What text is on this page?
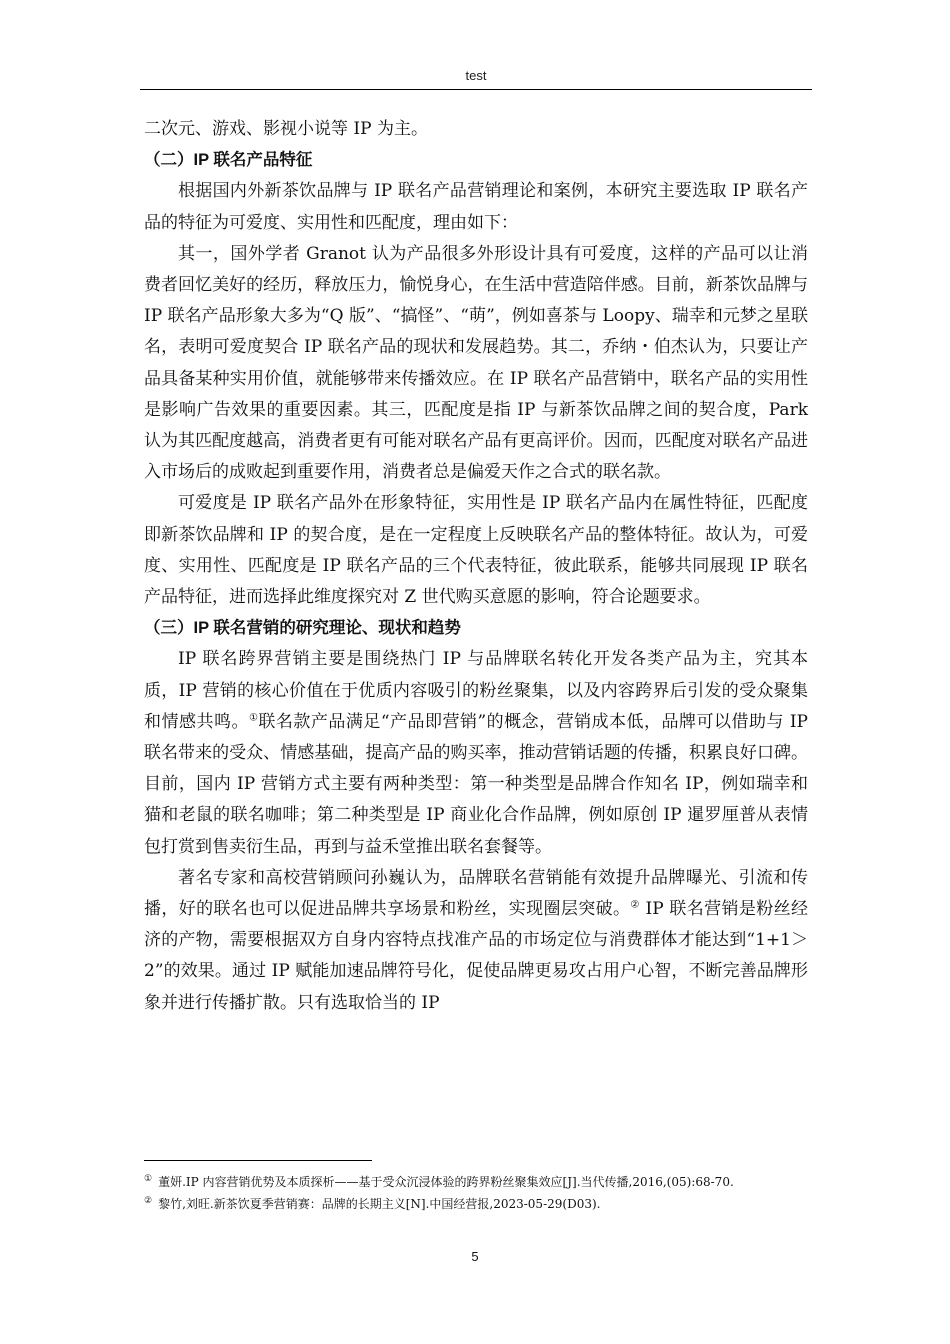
test

二次元、游戏、影视小说等 IP 为主。

（二）IP 联名产品特征

根据国内外新茶饮品牌与 IP 联名产品营销理论和案例，本研究主要选取 IP 联名产品的特征为可爱度、实用性和匹配度，理由如下：

其一，国外学者 Granot 认为产品很多外形设计具有可爱度，这样的产品可以让消费者回忆美好的经历，释放压力，愉悦身心，在生活中营造陪伴感。目前，新茶饮品牌与 IP 联名产品形象大多为“Q 版”、“搞怪”、“萌”，例如喜茶与 Loopy、瑞幸和元梦之星联名，表明可爱度契合 IP 联名产品的现状和发展趋势。其二，乔纳・伯杰认为，只要让产品具备某种实用价值，就能够带来传播效应。在 IP 联名产品营销中，联名产品的实用性是影响广告效果的重要因素。其三，匹配度是指 IP 与新茶饮品牌之间的契合度，Park 认为其匹配度越高，消费者更有可能对联名产品有更高评价。因而，匹配度对联名产品进入市场后的成败起到重要作用，消费者总是偏爱天作之合式的联名款。

可爱度是 IP 联名产品外在形象特征，实用性是 IP 联名产品内在属性特征，匹配度即新茶饮品牌和 IP 的契合度，是在一定程度上反映联名产品的整体特征。故认为，可爱度、实用性、匹配度是 IP 联名产品的三个代表特征，彼此联系，能够共同展现 IP 联名产品特征，进而选择此维度探究对 Z 世代购买意愿的影响，符合论题要求。

（三）IP 联名营销的研究理论、现状和趋势

IP 联名跨界营销主要是围绕热门 IP 与品牌联名转化开发各类产品为主，究其本质，IP 营销的核心价值在于优质内容吸引的粉丝聚集，以及内容跨界后引发的受众聚集和情感共鸣。①联名款产品满足“产品即营销”的概念，营销成本低，品牌可以借助与 IP 联名带来的受众、情感基础，提高产品的购买率，推动营销话题的传播，积累良好口碑。目前，国内 IP 营销方式主要有两种类型：第一种类型是品牌合作知名 IP，例如瑞幸和猫和老鼠的联名咖啡；第二种类型是 IP 商业化合作品牌，例如原创 IP 暹罗厘普从表情包打赏到售卖衍生品，再到与益禾堂推出联名套餐等。

著名专家和高校营销顾问孙巍认为，品牌联名营销能有效提升品牌曝光、引流和传播，好的联名也可以促进品牌共享场景和粉丝，实现圈层突破。② IP 联名营销是粉丝经济的产物，需要根据双方自身内容特点找准产品的市场定位与消费群体才能达到“1+1＞2”的效果。通过 IP 赋能加速品牌符号化，促使品牌更易攻占用户心智，不断完善品牌形象并进行传播扩散。只有选取恰当的 IP

① 董妍.IP 内容营销优势及本质探析——基于受众沉浸体验的跨界粉丝聚集效应[J].当代传播,2016,(05):68-70.

② 黎竹,刘旺.新茶饮夏季营销赛：品牌的长期主义[N].中国经营报,2023-05-29(D03).

5
